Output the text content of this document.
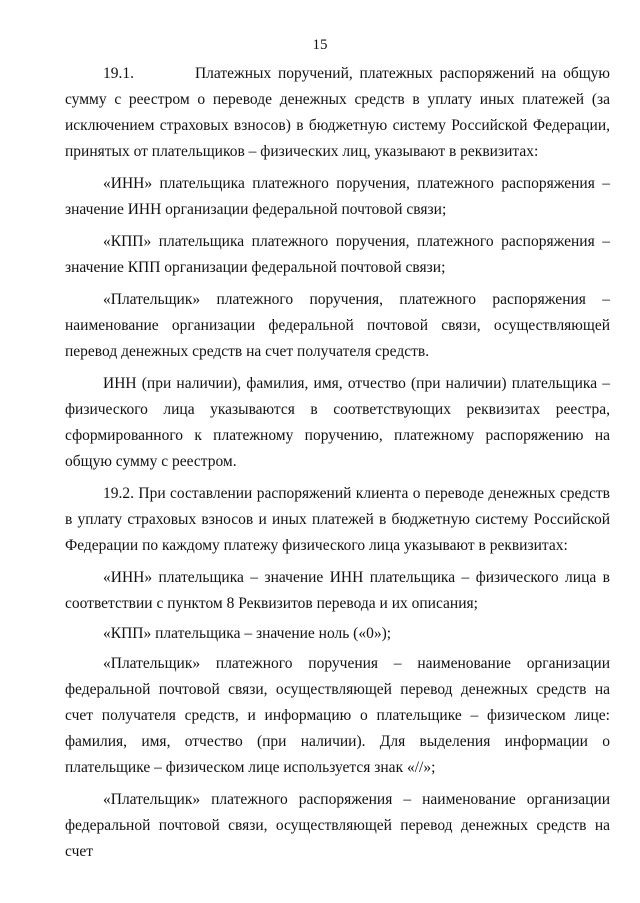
15

19.1.         Платежных поручений, платежных распоряжений на общую сумму с реестром о переводе денежных средств в уплату иных платежей (за исключением страховых взносов) в бюджетную систему Российской Федерации, принятых от плательщиков – физических лиц, указывают в реквизитах:

«ИНН» плательщика платежного поручения, платежного распоряжения – значение ИНН организации федеральной почтовой связи;

«КПП» плательщика платежного поручения, платежного распоряжения – значение КПП организации федеральной почтовой связи;

«Плательщик» платежного поручения, платежного распоряжения – наименование организации федеральной почтовой связи, осуществляющей перевод денежных средств на счет получателя средств.

ИНН (при наличии), фамилия, имя, отчество (при наличии) плательщика – физического лица указываются в соответствующих реквизитах реестра, сформированного к платежному поручению, платежному распоряжению на общую сумму с реестром.

19.2. При составлении распоряжений клиента о переводе денежных средств в уплату страховых взносов и иных платежей в бюджетную систему Российской Федерации по каждому платежу физического лица указывают в реквизитах:

«ИНН» плательщика – значение ИНН плательщика – физического лица в соответствии с пунктом 8 Реквизитов перевода и их описания;

«КПП» плательщика – значение ноль («0»);

«Плательщик» платежного поручения – наименование организации федеральной почтовой связи, осуществляющей перевод денежных средств на счет получателя средств, и информацию о плательщике – физическом лице: фамилия, имя, отчество (при наличии). Для выделения информации о плательщике – физическом лице используется знак «//»;

«Плательщик» платежного распоряжения – наименование организации федеральной почтовой связи, осуществляющей перевод денежных средств на счет
